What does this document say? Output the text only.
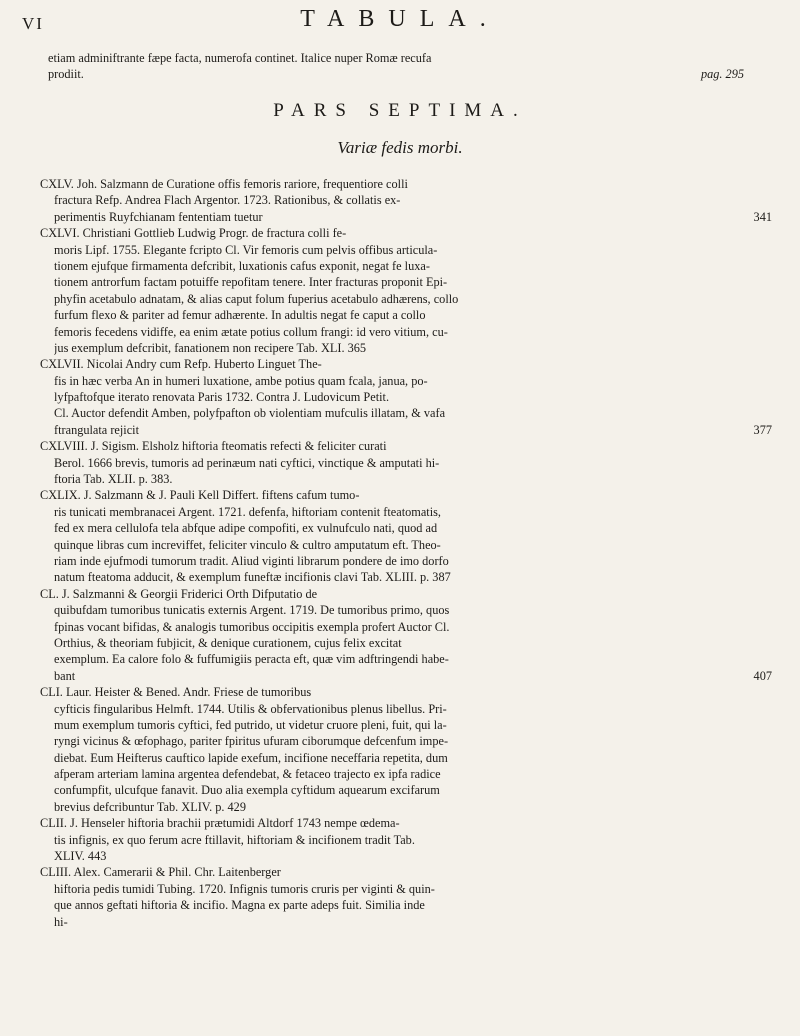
VI	TABULA.
etiam adminiftrante fæpe facta, numerofa continet. Italice nuper Romæ recufa
prodiit.	pag. 295
PARS SEPTIMA.
Variæ fedis morbi.
CXLV. Joh. Salzmann de Curatione offis femoris rariore, frequentiore colli
fractura Refp. Andrea Flach Argentor. 1723. Rationibus, & collatis ex-
perimentis Ruyfchianam fententiam tuetur	341
CXLVI. Christiani Gottlieb Ludwig Progr. de fractura colli fe-
moris Lipf. 1755. Elegante fcripto Cl. Vir femoris cum pelvis offibus articula-
tionem ejufque firmamenta defcribit, luxationis cafus exponit, negat fe luxa-
tionem antrorfum factam potuiffe repofitam tenere. Inter fracturas proponit Epi-
phyfin acetabulo adnatam, & alias caput folum fuperius acetabulo adhærens, collo
furfum flexo & pariter ad femur adhærente. In adultis negat fe caput a collo
femoris fecedens vidiffe, ea enim ætate potius collum frangi: id vero vitium, cu-
jus exemplum defcribit, fanationem non recipere Tab. XLI. 365
CXLVII. Nicolai Andry cum Refp. Huberto Linguet The-
fis in hæc verba An in humeri luxatione, ambe potius quam fcala, janua, po-
lyfpaftofque iterato renovata Paris 1732. Contra J. Ludovicum Petit.
Cl. Auctor defendit Amben, polyfpafton ob violentiam mufculis illatam, & vafa
ftrangulata rejicit	377
CXLVIII. J. Sigism. Elsholz hiftoria fteomatis refecti & feliciter curati
Berol. 1666 brevis, tumoris ad perinæum nati cyftici, vinctique & amputati hi-
ftoria Tab. XLII. p. 383.
CXLIX. J. Salzmann & J. Pauli Kell Differt. fiftens cafum tumo-
ris tunicati membranacei Argent. 1721. defenfa, hiftoriam contenit fteatomatis,
fed ex mera cellulofa tela abfque adipe compofiti, ex vulnufculo nati, quod ad
quinque libras cum increviffet, feliciter vinculo & cultro amputatum eft. Theo-
riam inde ejufmodi tumorum tradit. Aliud viginti librarum pondere de imo dorfo
natum fteatoma adducit, & exemplum funeftæ incifionis clavi Tab. XLIII. p. 387
CL. J. Salzmanni & Georgii Friderici Orth Difputatio de
quibufdam tumoribus tunicatis externis Argent. 1719. De tumoribus primo, quos
fpinas vocant bifidas, & analogis tumoribus occipitis exempla profert Auctor Cl.
Orthius, & theoriam fubjicit, & denique curationem, cujus felix excitat
exemplum. Ea calore folo & fuffumigiis peracta eft, quæ vim adftringendi habe-
bant	407
CLI. Laur. Heister & Bened. Andr. Friese de tumoribus
cyfticis fingularibus Helmft. 1744. Utilis & obfervationibus plenus libellus. Pri-
mum exemplum tumoris cyftici, fed putrido, ut videtur cruore pleni, fuit, qui la-
ryngi vicinus & œfophago, pariter fpiritus ufuram ciborumque defcenfum impe-
diebat. Eum Heifterus cauftico lapide exefum, incifione neceffaria repetita, dum
afperam arteriam lamina argentea defendebat, & fetaceo trajecto ex ipfa radice
confumpfit, ulcufque fanavit. Duo alia exempla cyftidum aquearum excifarum
brevius defcribuntur Tab. XLIV. p. 429
CLII. J. Henseler hiftoria brachii prætumidi Altdorf 1743 nempe œdema-
tis infignis, ex quo ferum acre ftillavit, hiftoriam & incifionem tradit Tab.
XLIV. 443
CLIII. Alex. Camerarii & Phil. Chr. Laitenberger
hiftoria pedis tumidi Tubing. 1720. Infignis tumoris cruris per viginti & quin-
que annos geftati hiftoria & incifio. Magna ex parte adeps fuit. Similia inde
hi-
